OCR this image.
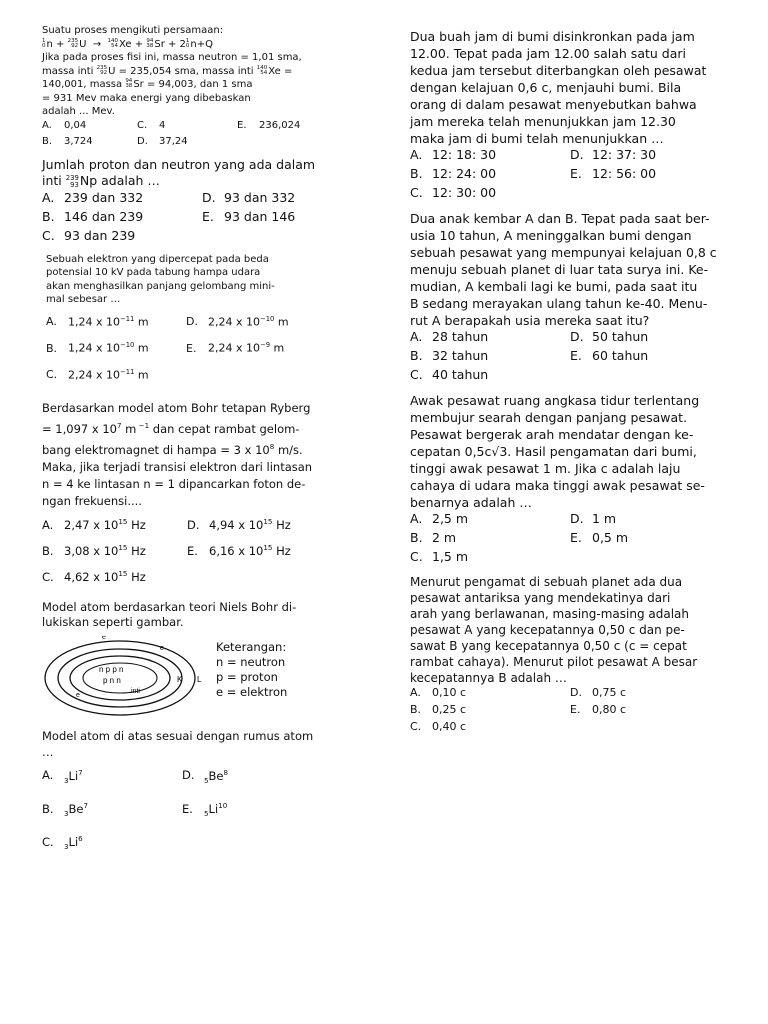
Suatu proses mengikuti persamaan:
1
0 n + 235
92 U → 140
54 Xe + 94
38 Sr + 2 1
0 n+Q
Jika pada proses fisi ini, massa neutron = 1,01 sma,
massa inti 235
92 U = 235,054 sma, massa inti 140
54 Xe =
140,001, massa 94
38 Sr = 94,003, dan 1 sma
= 931 Mev maka energi yang dibebaskan
adalah ... Mev.
A. 0,04	C. 4	E. 236,024
B. 3,724	D. 37,24
Jumlah proton dan neutron yang ada dalam
inti 239
93 Np adalah …
A. 239 dan 332	D. 93 dan 332
B. 146 dan 239	E. 93 dan 146
C. 93 dan 239
Sebuah elektron yang dipercepat pada beda
potensial 10 kV pada tabung hampa udara
akan menghasilkan panjang gelombang mini-
mal sebesar …
A. 1,24 x $10^{-11}$ m	D. 2,24 x $10^{-10}$ m
B. 1,24 x $10^{-10}$ m	E. 2,24 x $10^{-9}$ m
C. 2,24 x $10^{-11}$ m
Berdasarkan model atom Bohr tetapan Ryberg
= 1,097 x $10^7$ m $^{-1}$ dan cepat rambat gelom-
bang elektromagnet di hampa = 3 x $10^8$ m/s.
Maka, jika terjadi transisi elektron dari lintasan
n = 4 ke lintasan n = 1 dipancarkan foton de-
ngan frekuensi....
A. 2,47 x $10^{15}$ Hz	D. 4,94 x $10^{15}$ Hz
B. 3,08 x $10^{15}$ Hz	E. 6,16 x $10^{15}$ Hz
C. 4,62 x $10^{15}$ Hz
Model atom berdasarkan teori Niels Bohr di-
lukiskan seperti gambar.
e
e
e
n p p n
p n n
inti
K L
Keterangan:
n = neutron
p = proton
e = elektron
Model atom di atas sesuai dengan rumus atom
…
A. $_3Li^7$	D. $_5Be^8$
B. $_3Be^7$	E. $_5Li^{10}$
C. $_3Li^6$
Dua buah jam di bumi disinkronkan pada jam
12.00. Tepat pada jam 12.00 salah satu dari
kedua jam tersebut diterbangkan oleh pesawat
dengan kelajuan 0,6 c, menjauhi bumi. Bila
orang di dalam pesawat menyebutkan bahwa
jam mereka telah menunjukkan jam 12.30
maka jam di bumi telah menunjukkan …
A. 12: 18: 30	D. 12: 37: 30
B. 12: 24: 00	E. 12: 56: 00
C. 12: 30: 00
Dua anak kembar A dan B. Tepat pada saat ber-
usia 10 tahun, A meninggalkan bumi dengan
sebuah pesawat yang mempunyai kelajuan 0,8 c
menuju sebuah planet di luar tata surya ini. Ke-
mudian, A kembali lagi ke bumi, pada saat itu
B sedang merayakan ulang tahun ke-40. Menu-
rut A berapakah usia mereka saat itu?
A. 28 tahun	D. 50 tahun
B. 32 tahun	E. 60 tahun
C. 40 tahun
Awak pesawat ruang angkasa tidur terlentang
membujur searah dengan panjang pesawat.
Pesawat bergerak arah mendatar dengan ke-
cepatan 0,5c√3. Hasil pengamatan dari bumi,
tinggi awak pesawat 1 m. Jika c adalah laju
cahaya di udara maka tinggi awak pesawat se-
benarnya adalah …
A. 2,5 m	D. 1 m
B. 2 m	E. 0,5 m
C. 1,5 m
Menurut pengamat di sebuah planet ada dua
pesawat antariksa yang mendekatinya dari
arah yang berlawanan, masing-masing adalah
pesawat A yang kecepatannya 0,50 c dan pe-
sawat B yang kecepatannya 0,50 c (c = cepat
rambat cahaya). Menurut pilot pesawat A besar
kecepatannya B adalah …
A. 0,10 c	D. 0,75 c
B. 0,25 c	E. 0,80 c
C. 0,40 c
